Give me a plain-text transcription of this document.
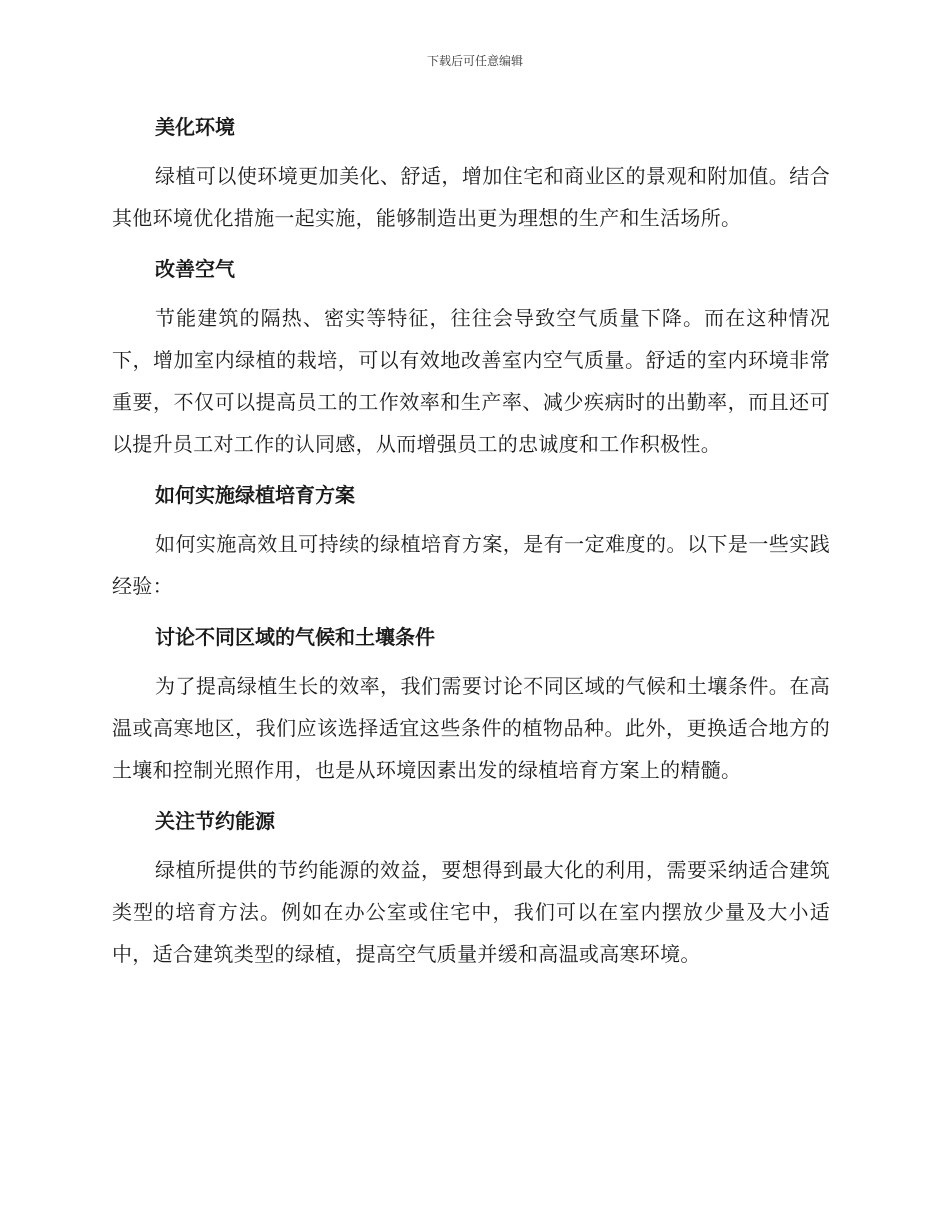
下载后可任意编辑
美化环境

绿植可以使环境更加美化、舒适，增加住宅和商业区的景观和附加值。结合其他环境优化措施一起实施，能够制造出更为理想的生产和生活场所。

改善空气

节能建筑的隔热、密实等特征，往往会导致空气质量下降。而在这种情况下，增加室内绿植的栽培，可以有效地改善室内空气质量。舒适的室内环境非常重要，不仅可以提高员工的工作效率和生产率、减少疾病时的出勤率，而且还可以提升员工对工作的认同感，从而增强员工的忠诚度和工作积极性。

如何实施绿植培育方案

如何实施高效且可持续的绿植培育方案，是有一定难度的。以下是一些实践经验：

讨论不同区域的气候和土壤条件

为了提高绿植生长的效率，我们需要讨论不同区域的气候和土壤条件。在高温或高寒地区，我们应该选择适宜这些条件的植物品种。此外，更换适合地方的土壤和控制光照作用，也是从环境因素出发的绿植培育方案上的精髓。

关注节约能源

绿植所提供的节约能源的效益，要想得到最大化的利用，需要采纳适合建筑类型的培育方法。例如在办公室或住宅中，我们可以在室内摆放少量及大小适中，适合建筑类型的绿植，提高空气质量并缓和高温或高寒环境。
